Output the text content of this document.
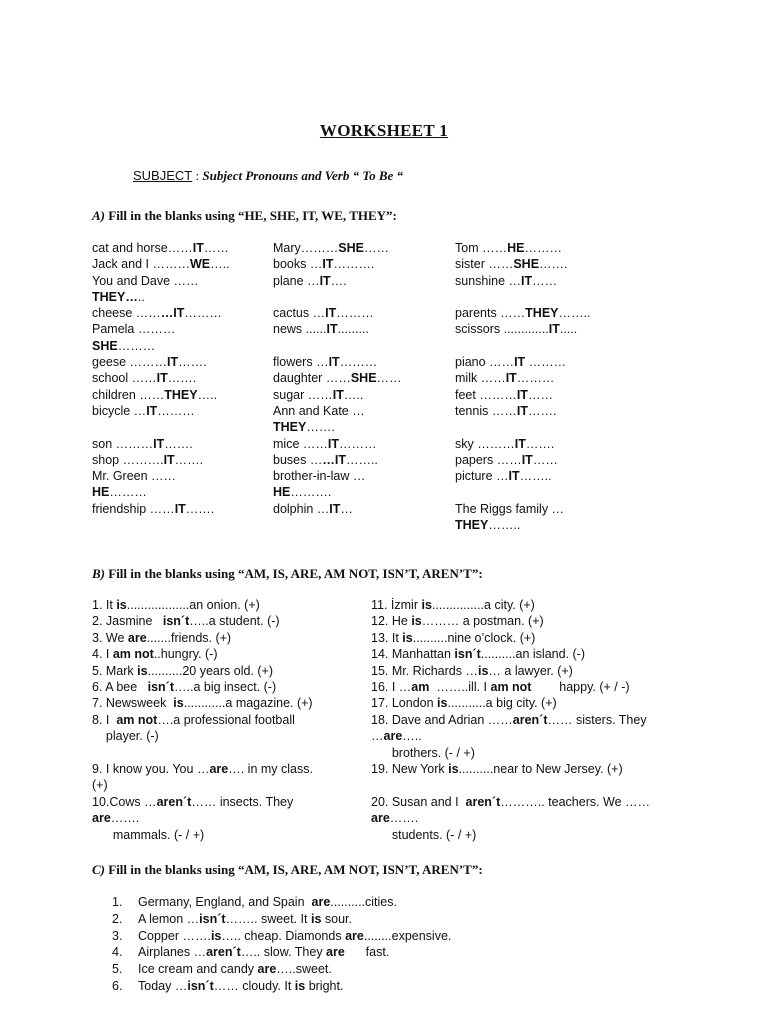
WORKSHEET 1
SUBJECT : Subject Pronouns and Verb “ To Be “
A) Fill in the blanks using “HE, SHE, IT, WE, THEY”:
cat and horse……IT……
Jack and I ………WE…..
You and Dave ……
THEY…..
cheese ………IT………
Pamela ………
SHE………
geese ………IT…….
school ……IT…….
children ……THEY…..
bicycle …IT………
son ………IT…….
shop ……….IT…….
Mr. Green ……
HE………
friendship ……IT…….
Mary………SHE……
books …IT……….
plane …IT….
cactus …IT………
news ......IT.........
flowers …IT………
daughter ……SHE……
sugar ……IT…..
Ann and Kate …
THEY…….
mice ……IT………
buses ……IT……..
brother-in-law …
HE……….
dolphin …IT…
Tom ……HE………
sister ……SHE…….
sunshine …IT……
parents ……THEY……..
scissors .............IT.....
piano ……IT ………
milk ……IT………
feet ………IT……
tennis ……IT…….
sky ………IT…….
papers ……IT……
picture …IT……..
The Riggs family …
THEY……..
B) Fill in the blanks using “AM, IS, ARE, AM NOT, ISN’T, AREN’T”:
1. It is..................an onion. (+)
2. Jasmine   isn´t…..a student. (-)
3. We are.......friends. (+)
4. I am not..hungry. (-)
5. Mark is..........20 years old. (+)
6. A bee   isn´t…..a big insect. (-)
7. Newsweek  is............a magazine. (+)
8. I  am not….a professional football
player. (-)
9. I know you. You …are…. in my class.
(+)
10.Cows …aren´t…… insects. They
are…….
mammals. (- / +)
11. İzmir is...............a city. (+)
12. He is……… a postman. (+)
13. It is..........nine o’clock. (+)
14. Manhattan isn´t..........an island. (-)
15. Mr. Richards …is… a lawyer. (+)
16. I …am  ……..ill. I am not        happy. (+ / -)
17. London is...........a big city. (+)
18. Dave and Adrian ……aren´t…… sisters. They
…are…..
brothers. (- / +)
19. New York is..........near to New Jersey. (+)
20. Susan and I  aren´t……….. teachers. We ……
are…….
students. (- / +)
C) Fill in the blanks using “AM, IS, ARE, AM NOT, ISN’T, AREN’T”:
1. Germany, England, and Spain  are..........cities.
2. A lemon …isn´t…….. sweet. It is sour.
3. Copper …….is….. cheap. Diamonds are........expensive.
4. Airplanes …aren´t….. slow. They are      fast.
5. Ice cream and candy are…..sweet.
6. Today …isn´t…… cloudy. It is bright.
